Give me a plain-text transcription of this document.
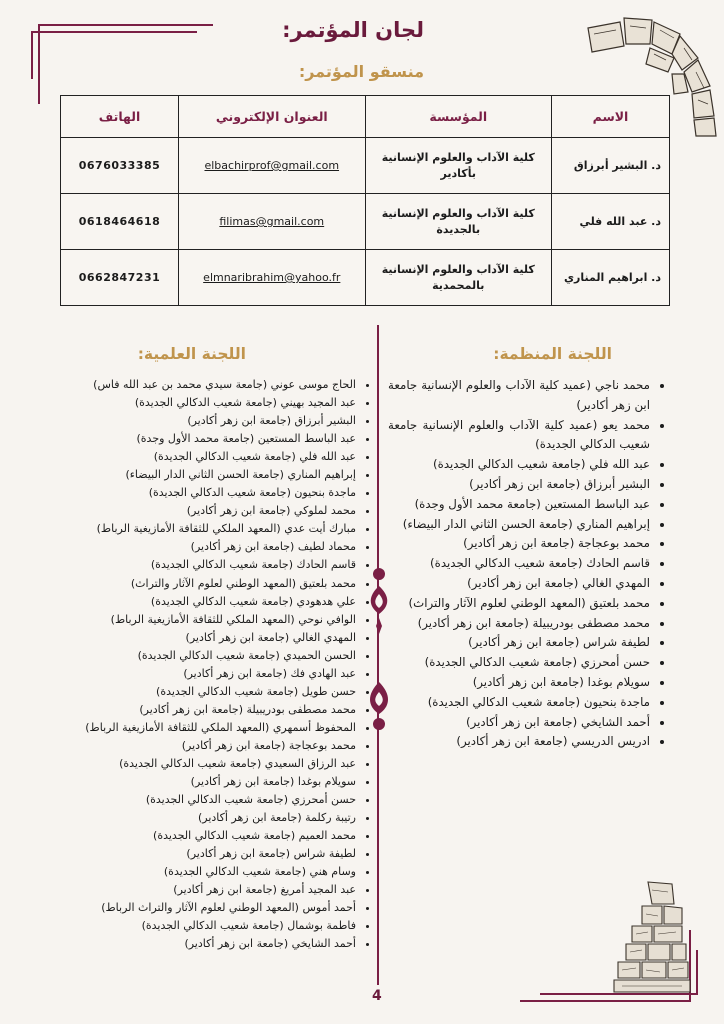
لجان المؤتمر:
منسقو المؤتمر:
الاسم	المؤسسة	العنوان الإلكتروني	الهاتف
د. البشير أبرزاق	كلية الآداب والعلوم الإنسانية بأكادير	elbachirprof@gmail.com	0676033385
د. عبد الله فلي	كلية الآداب والعلوم الإنسانية بالجديدة	filimas@gmail.com	0618464618
د. ابراهيم المناري	كلية الآداب والعلوم الإنسانية بالمحمدية	elmnaribrahim@yahoo.fr	0662847231
اللجنة المنظمة:
• محمد ناجي (عميد كلية الآداب والعلوم الإنسانية جامعة ابن زهر أكادير)
• محمد يعو (عميد كلية الآداب والعلوم الإنسانية جامعة شعيب الدكالي الجديدة)
• عبد الله فلي (جامعة شعيب الدكالي الجديدة)
• البشير أبرزاق (جامعة ابن زهر أكادير)
• عبد الباسط المستعين (جامعة محمد الأول وجدة)
• إبراهيم المناري (جامعة الحسن الثاني الدار البيضاء)
• محمد بوعجاجة (جامعة ابن زهر أكادير)
• قاسم الحادك (جامعة شعيب الدكالي الجديدة)
• المهدي الغالي (جامعة ابن زهر أكادير)
• محمد بلعتيق (المعهد الوطني لعلوم الآثار والتراث)
• محمد مصطفى بودريبيلة (جامعة ابن زهر أكادير)
• لطيفة شراس (جامعة ابن زهر أكادير)
• حسن أمحرزي (جامعة شعيب الدكالي الجديدة)
• سويلام بوغدا (جامعة ابن زهر أكادير)
• ماجدة بنحيون (جامعة شعيب الدكالي الجديدة)
• أحمد الشايخي (جامعة ابن زهر أكادير)
• ادريس الدريسي (جامعة ابن زهر أكادير)
اللجنة العلمية:
• الحاج موسى عوني (جامعة سيدي محمد بن عبد الله فاس)
• عبد المجيد بهيني (جامعة شعيب الدكالي الجديدة)
• البشير أبرزاق (جامعة ابن زهر أكادير)
• عبد الباسط المستعين (جامعة محمد الأول وجدة)
• عبد الله فلي (جامعة شعيب الدكالي الجديدة)
• إبراهيم المناري (جامعة الحسن الثاني الدار البيضاء)
• ماجدة بنحيون (جامعة شعيب الدكالي الجديدة)
• محمد لملوكي (جامعة ابن زهر أكادير)
• مبارك أيت عدي (المعهد الملكي للثقافة الأمازيغية الرباط)
• محماد لطيف (جامعة ابن زهر أكادير)
• قاسم الحادك (جامعة شعيب الدكالي الجديدة)
• محمد بلعتيق (المعهد الوطني لعلوم الآثار والتراث)
• علي هدهودي (جامعة شعيب الدكالي الجديدة)
• الوافي نوحي (المعهد الملكي للثقافة الأمازيغية الرباط)
• المهدي الغالي (جامعة ابن زهر أكادير)
• الحسن الحميدي (جامعة شعيب الدكالي الجديدة)
• عبد الهادي فك (جامعة ابن زهر أكادير)
• حسن طويل (جامعة شعيب الدكالي الجديدة)
• محمد مصطفى بودريبيلة (جامعة ابن زهر أكادير)
• المحفوظ أسمهري (المعهد الملكي للثقافة الأمازيغية الرباط)
• محمد بوعجاجة (جامعة ابن زهر أكادير)
• عبد الرزاق السعيدي (جامعة شعيب الدكالي الجديدة)
• سويلام بوغدا (جامعة ابن زهر أكادير)
• حسن أمحرزي (جامعة شعيب الدكالي الجديدة)
• رتيبة ركلمة (جامعة ابن زهر أكادير)
• محمد العميم (جامعة شعيب الدكالي الجديدة)
• لطيفة شراس (جامعة ابن زهر أكادير)
• وسام هني (جامعة شعيب الدكالي الجديدة)
• عبد المجيد أمريغ (جامعة ابن زهر أكادير)
• أحمد أموس (المعهد الوطني لعلوم الآثار والتراث الرباط)
• فاطمة بوشمال (جامعة شعيب الدكالي الجديدة)
• أحمد الشايخي (جامعة ابن زهر أكادير)

4
